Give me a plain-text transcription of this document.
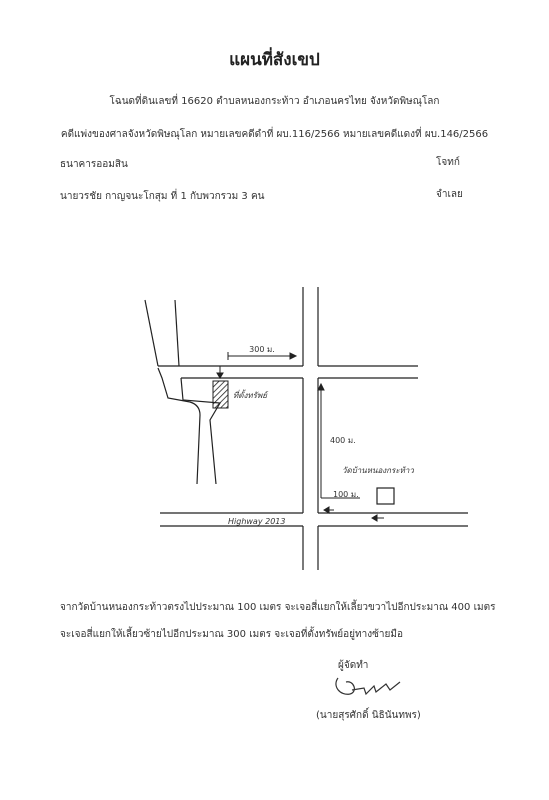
แผนที่สังเขป
โฉนดที่ดินเลขที่ 16620 ตำบลหนองกระท้าว อำเภอนครไทย จังหวัดพิษณุโลก
คดีแพ่งของศาลจังหวัดพิษณุโลก หมายเลขคดีดำที่ ผบ.116/2566 หมายเลขคดีแดงที่ ผบ.146/2566
ธนาคารออมสิน	โจทก์
นายวรชัย กาญจนะโกสุม ที่ 1 กับพวกรวม 3 คน	จำเลย
300 ม.
400 ม.
100 ม.
ที่ตั้งทรัพย์
วัดบ้านหนองกระท้าว
Highway 2013
จากวัดบ้านหนองกระท้าวตรงไปประมาณ 100 เมตร จะเจอสี่แยกให้เลี้ยวขวาไปอีกประมาณ 400 เมตร
จะเจอสี่แยกให้เลี้ยวซ้ายไปอีกประมาณ 300 เมตร จะเจอที่ตั้งทรัพย์อยู่ทางซ้ายมือ
ผู้จัดทำ
(นายสุรศักดิ์ นิธินันทพร)
